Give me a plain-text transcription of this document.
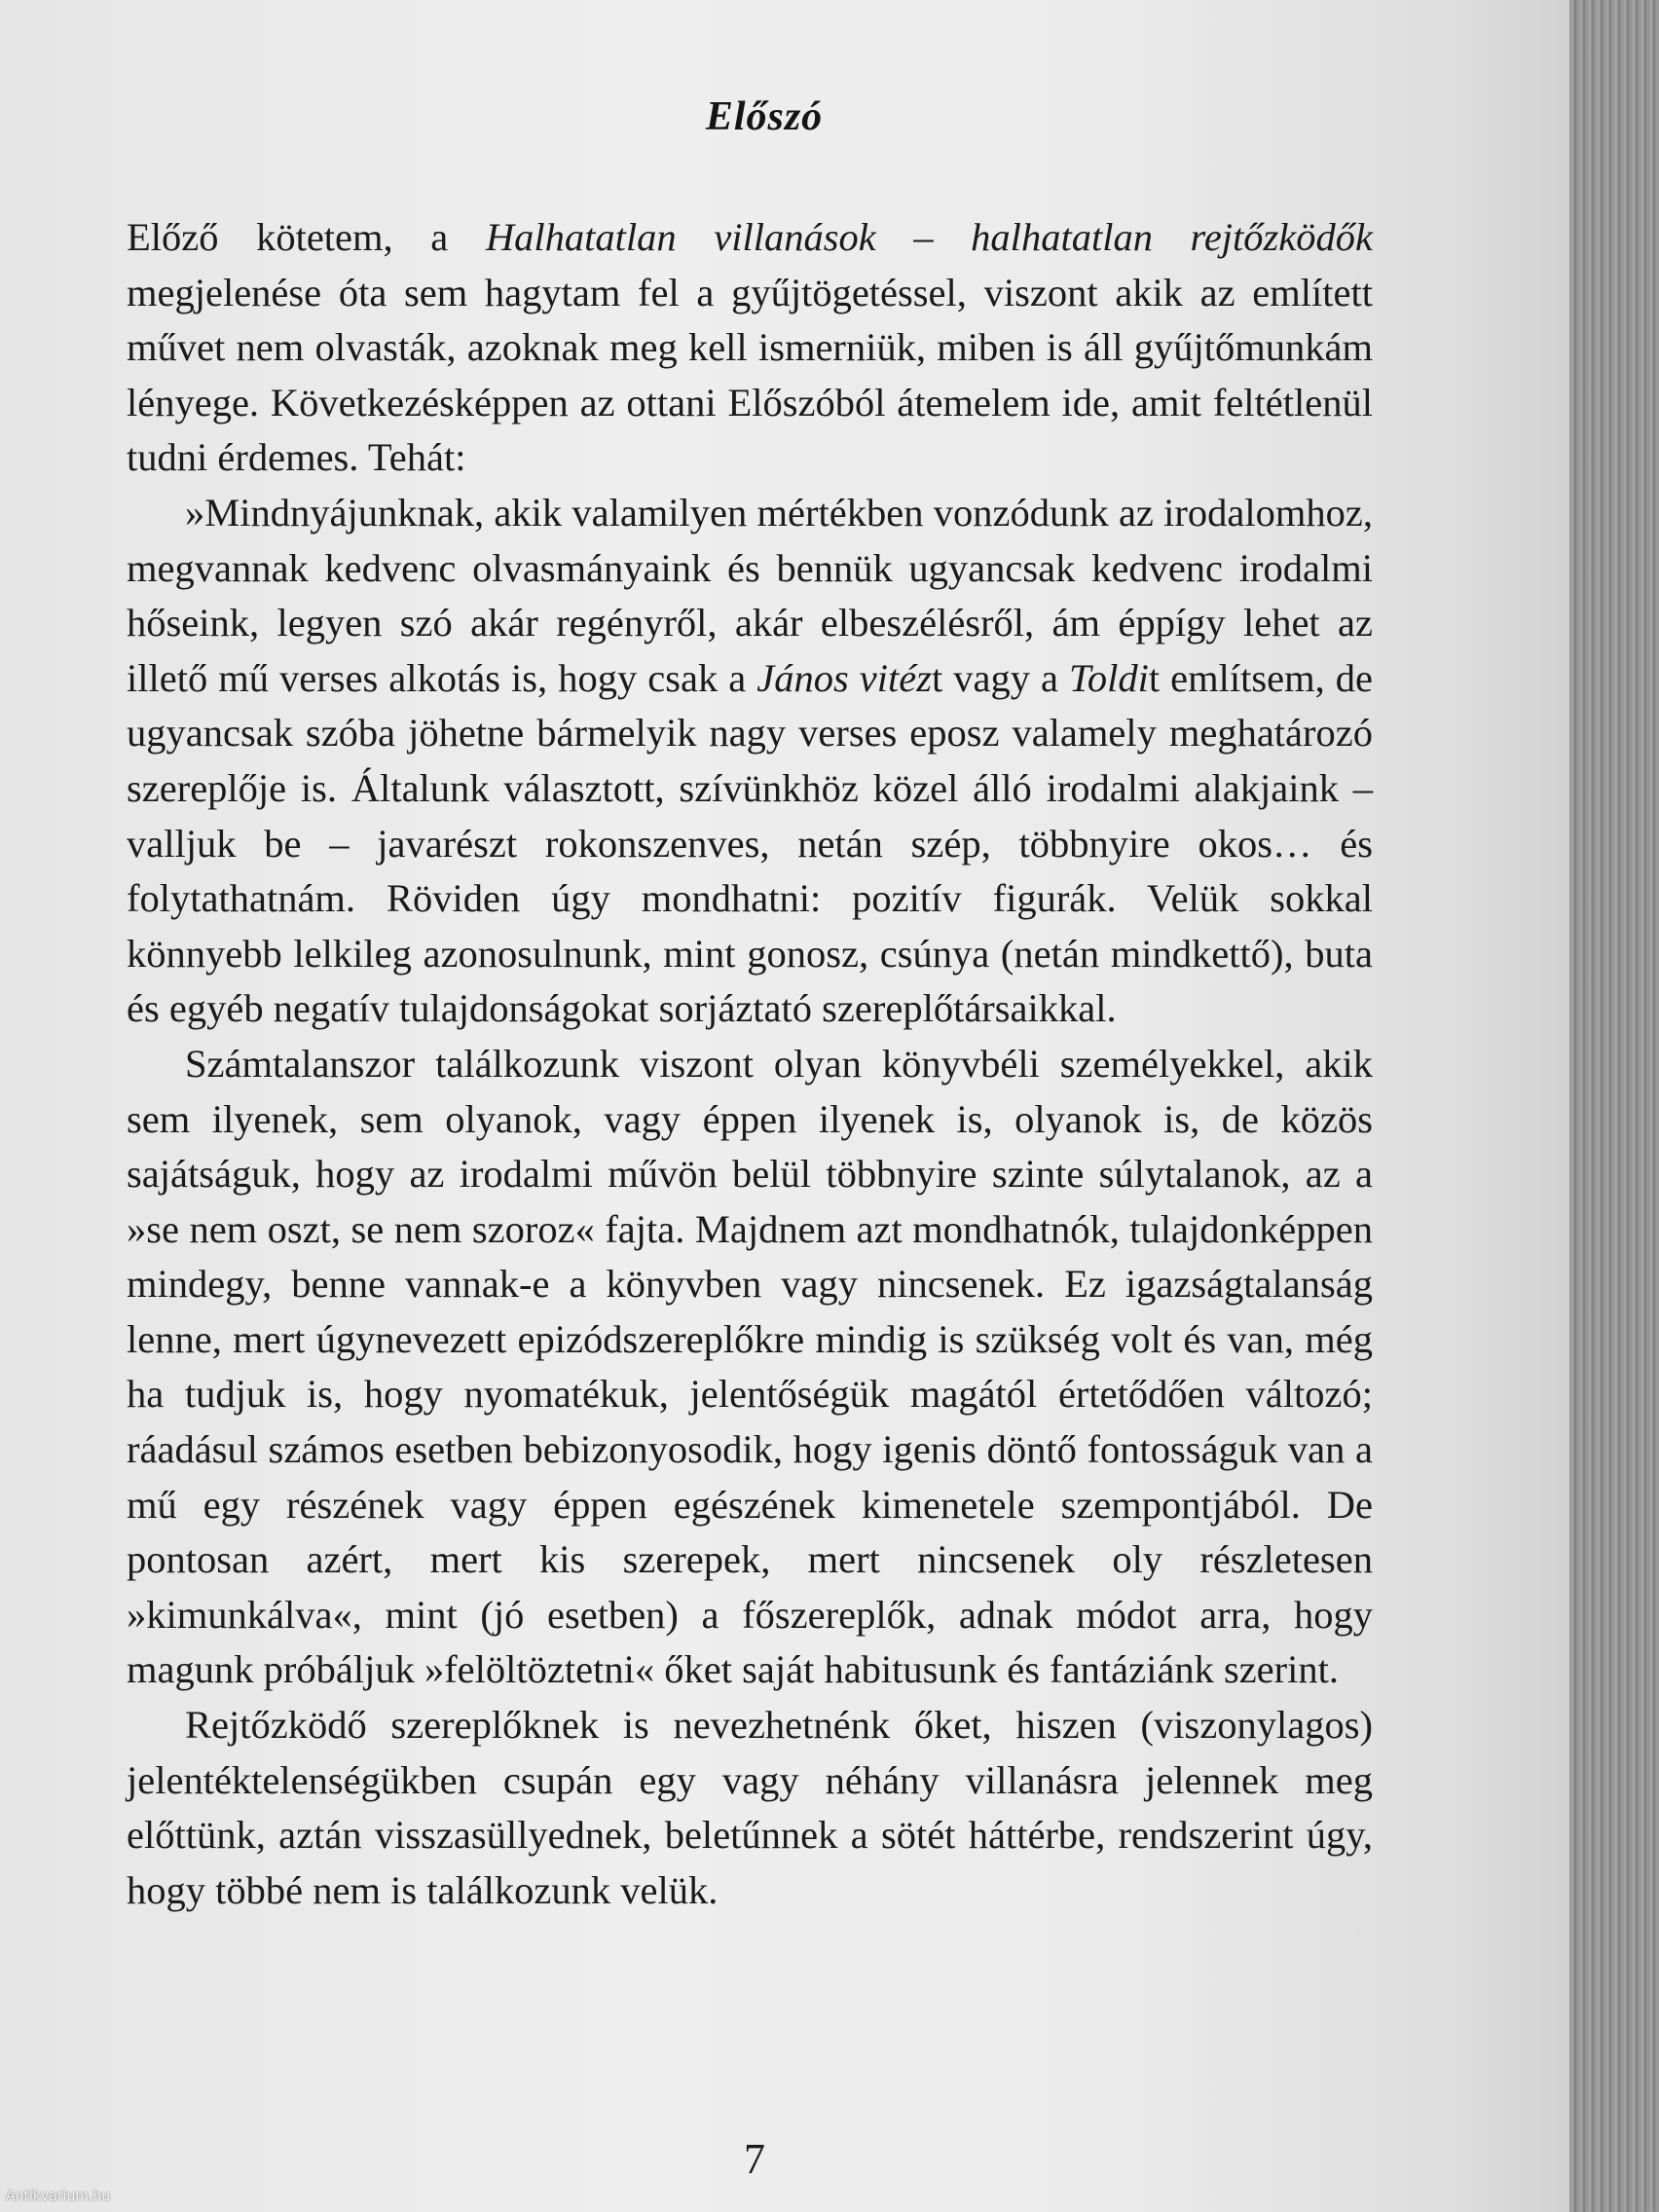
Előszó

Előző kötetem, a Halhatatlan villanások – halhatatlan rejtőzködők megjelenése óta sem hagytam fel a gyűjtögetéssel, viszont akik az említett művet nem olvasták, azoknak meg kell ismerniük, miben is áll gyűjtőmunkám lényege. Következésképpen az ottani Előszóból átemelem ide, amit feltétlenül tudni érdemes. Tehát:

»Mindnyájunknak, akik valamilyen mértékben vonzódunk az irodalomhoz, megvannak kedvenc olvasmányaink és bennük ugyancsak kedvenc irodalmi hőseink, legyen szó akár regényről, akár elbeszélésről, ám éppígy lehet az illető mű verses alkotás is, hogy csak a János vitézt vagy a Toldit említsem, de ugyancsak szóba jöhetne bármelyik nagy verses eposz valamely meghatározó szereplője is. Általunk választott, szívünkhöz közel álló irodalmi alakjaink – valljuk be – javarészt rokonszenves, netán szép, többnyire okos… és folytathatnám. Röviden úgy mondhatni: pozitív figurák. Velük sokkal könnyebb lelkileg azonosulnunk, mint gonosz, csúnya (netán mindkettő), buta és egyéb negatív tulajdonságokat sorjáztató szereplőtársaikkal.

Számtalanszor találkozunk viszont olyan könyvbéli személyekkel, akik sem ilyenek, sem olyanok, vagy éppen ilyenek is, olyanok is, de közös sajátságuk, hogy az irodalmi művön belül többnyire szinte súlytalanok, az a »se nem oszt, se nem szoroz« fajta. Majdnem azt mondhatnók, tulajdonképpen mindegy, benne vannak-e a könyvben vagy nincsenek. Ez igazságtalanság lenne, mert úgynevezett epizódszereplőkre mindig is szükség volt és van, még ha tudjuk is, hogy nyomatékuk, jelentőségük magától értetődően változó; ráadásul számos esetben bebizonyosodik, hogy igenis döntő fontosságuk van a mű egy részének vagy éppen egészének kimenetele szempontjából. De pontosan azért, mert kis szerepek, mert nincsenek oly részletesen »kimunkálva«, mint (jó esetben) a főszereplők, adnak módot arra, hogy magunk próbáljuk »felöltöztetni« őket saját habitusunk és fantáziánk szerint.

Rejtőzködő szereplőknek is nevezhetnénk őket, hiszen (viszonylagos) jelentéktelenségükben csupán egy vagy néhány villanásra jelennek meg előttünk, aztán visszasüllyednek, beletűnnek a sötét háttérbe, rendszerint úgy, hogy többé nem is találkozunk velük.

7
Antikvarium.hu
